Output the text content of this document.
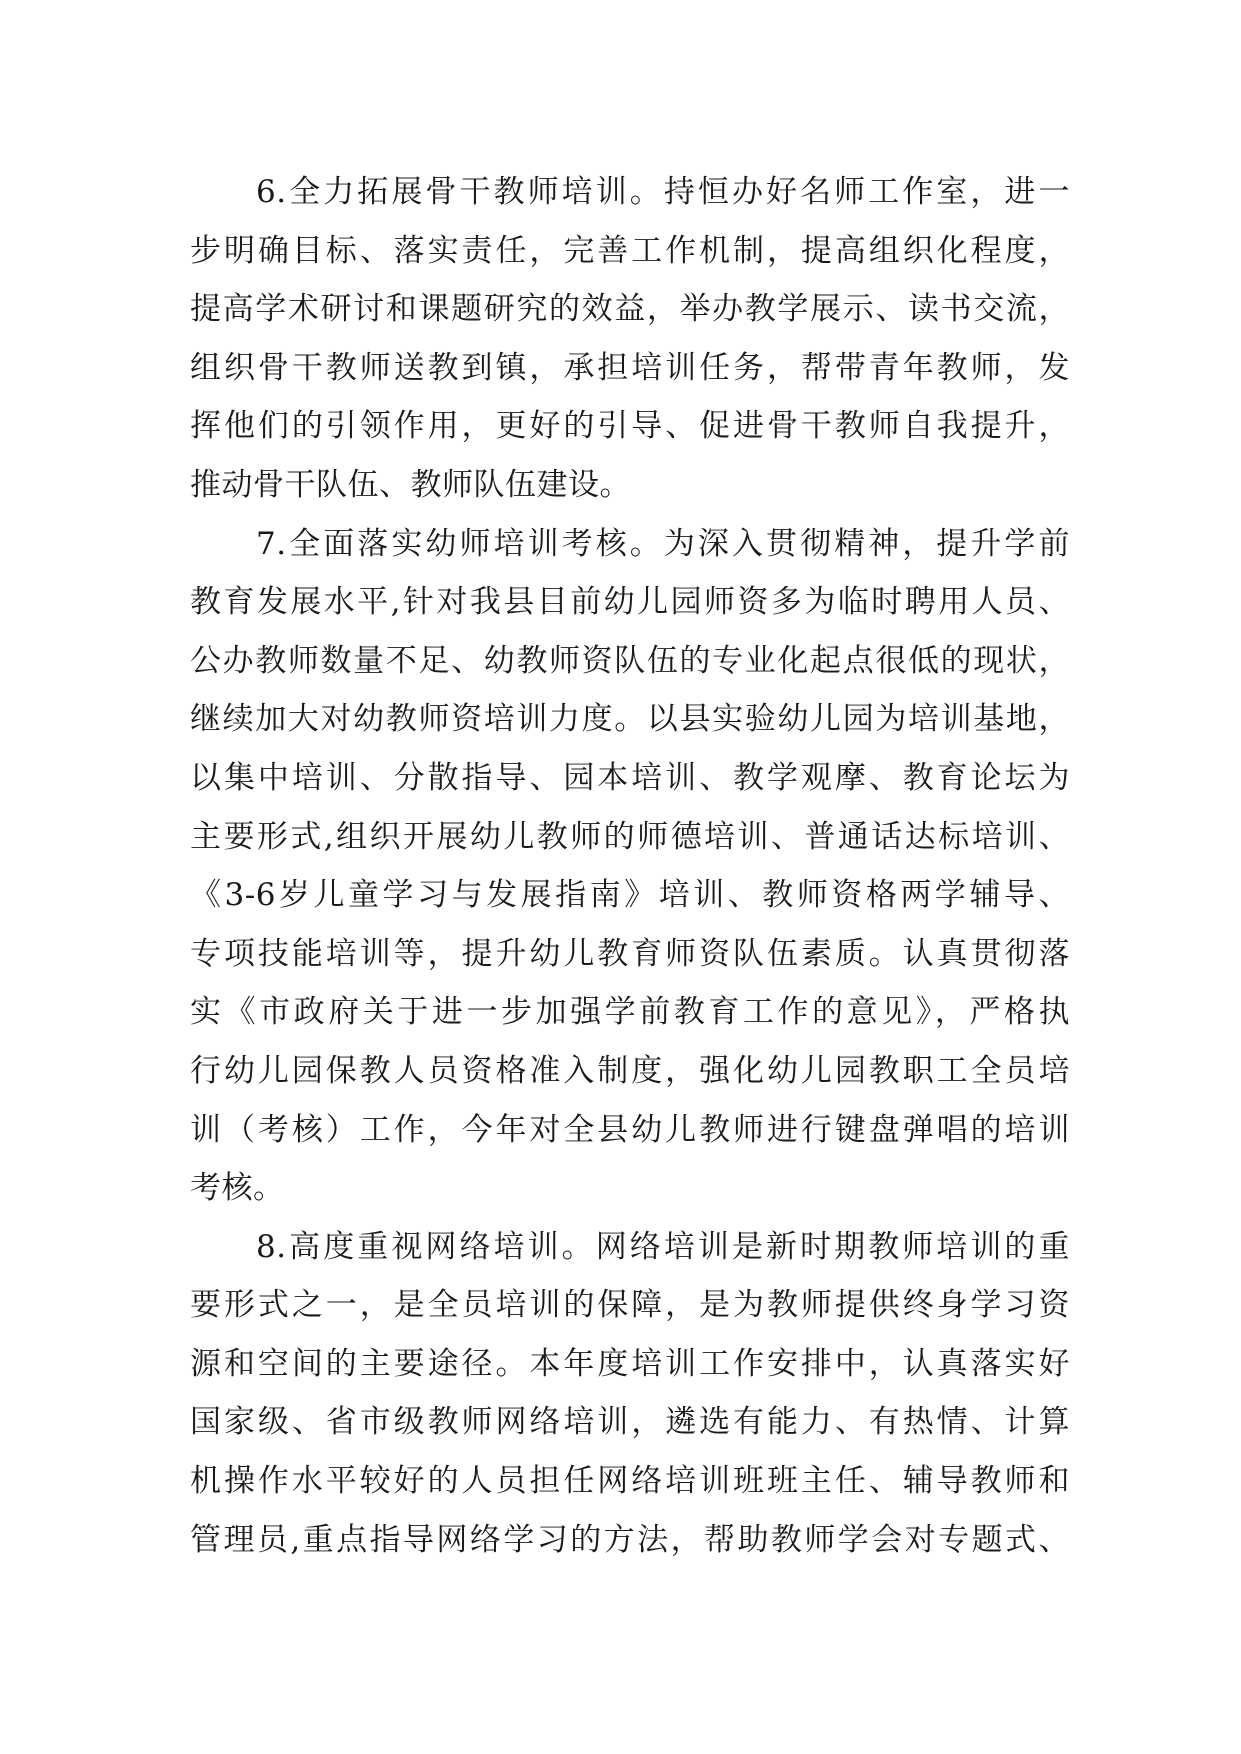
6.全力拓展骨干教师培训。持恒办好名师工作室，进一
步明确目标、落实责任，完善工作机制，提高组织化程度，
提高学术研讨和课题研究的效益，举办教学展示、读书交流，
组织骨干教师送教到镇，承担培训任务，帮带青年教师，发
挥他们的引领作用，更好的引导、促进骨干教师自我提升，
推动骨干队伍、教师队伍建设。
7.全面落实幼师培训考核。为深入贯彻精神，提升学前
教育发展水平,针对我县目前幼儿园师资多为临时聘用人员、
公办教师数量不足、幼教师资队伍的专业化起点很低的现状，
继续加大对幼教师资培训力度。以县实验幼儿园为培训基地，
以集中培训、分散指导、园本培训、教学观摩、教育论坛为
主要形式,组织开展幼儿教师的师德培训、普通话达标培训、
《3-6岁儿童学习与发展指南》培训、教师资格两学辅导、
专项技能培训等，提升幼儿教育师资队伍素质。认真贯彻落
实《市政府关于进一步加强学前教育工作的意见》，严格执
行幼儿园保教人员资格准入制度，强化幼儿园教职工全员培
训（考核）工作，今年对全县幼儿教师进行键盘弹唱的培训
考核。
8.高度重视网络培训。网络培训是新时期教师培训的重
要形式之一，是全员培训的保障，是为教师提供终身学习资
源和空间的主要途径。本年度培训工作安排中，认真落实好
国家级、省市级教师网络培训，遴选有能力、有热情、计算
机操作水平较好的人员担任网络培训班班主任、辅导教师和
管理员,重点指导网络学习的方法，帮助教师学会对专题式、
